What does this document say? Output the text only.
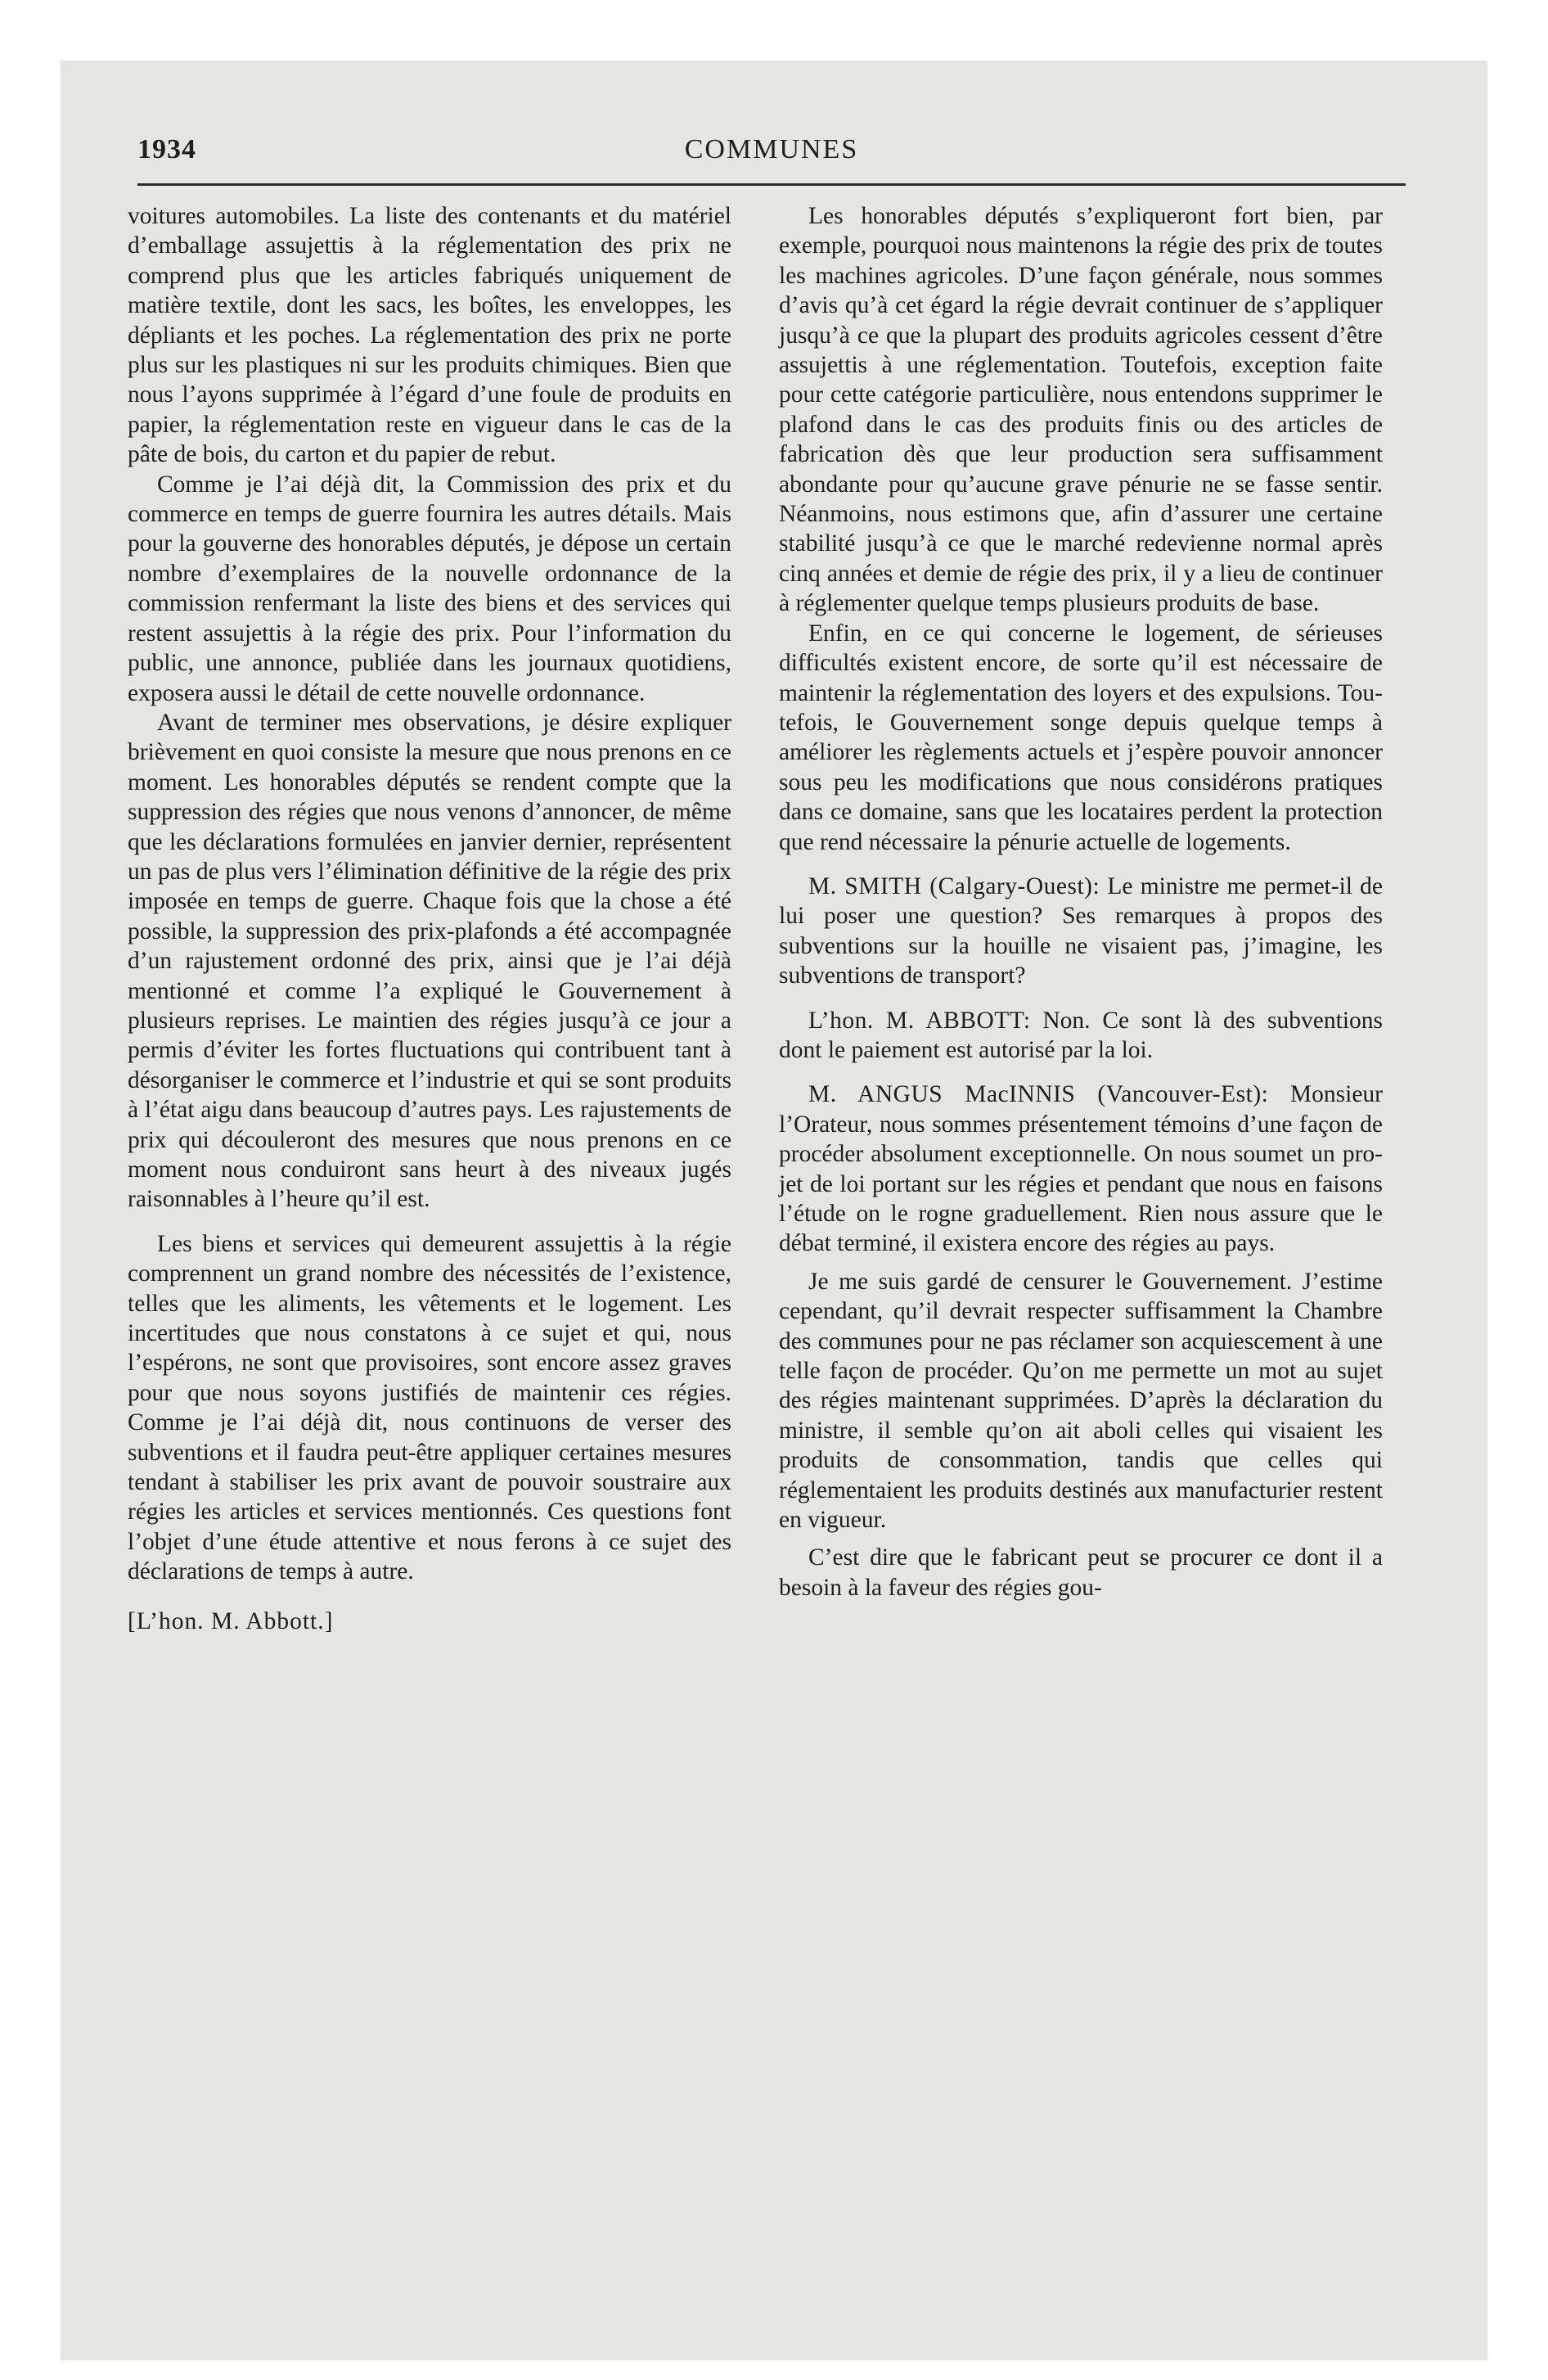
1934	COMMUNES

voitures automobiles. La liste des contenants et du matériel d’emballage assujettis à la réglementation des prix ne comprend plus que les articles fabriqués uniquement de matière textile, dont les sacs, les boîtes, les enveloppes, les dépliants et les poches. La réglementation des prix ne porte plus sur les plastiques ni sur les produits chimiques. Bien que nous l’ayons supprimée à l’égard d’une foule de produits en papier, la réglementation reste en vigueur dans le cas de la pâte de bois, du carton et du papier de rebut.

Comme je l’ai déjà dit, la Commission des prix et du commerce en temps de guerre fournira les autres détails. Mais pour la gouverne des honorables députés, je dépose un certain nombre d’exemplaires de la nouvelle ordonnance de la commission renfermant la liste des biens et des services qui restent assujettis à la régie des prix. Pour l’information du public, une annonce, publiée dans les journaux quotidiens, exposera aussi le détail de cette nouvelle ordonnance.

Avant de terminer mes observations, je désire expliquer brièvement en quoi consiste la mesure que nous prenons en ce moment. Les honorables députés se rendent compte que la suppression des régies que nous venons d’annoncer, de même que les déclarations formulées en janvier dernier, représentent un pas de plus vers l’élimination définitive de la régie des prix imposée en temps de guerre. Chaque fois que la chose a été possible, la suppression des prix-plafonds a été accompagnée d’un rajustement ordonné des prix, ainsi que je l’ai déjà mentionné et comme l’a expliqué le Gouvernement à plusieurs reprises. Le maintien des régies jusqu’à ce jour a permis d’éviter les fortes fluctuations qui contribuent tant à désorganiser le commerce et l’industrie et qui se sont produits à l’état aigu dans beaucoup d’autres pays. Les rajustements de prix qui découleront des mesures que nous prenons en ce moment nous conduiront sans heurt à des niveaux jugés raisonnables à l’heure qu’il est.

Les biens et services qui demeurent assujettis à la régie comprennent un grand nombre des nécessités de l’existence, telles que les aliments, les vêtements et le logement. Les incertitudes que nous constatons à ce sujet et qui, nous l’espérons, ne sont que provisoires, sont encore assez graves pour que nous soyons justifiés de maintenir ces régies. Comme je l’ai déjà dit, nous continuons de verser des subventions et il faudra peut-être appliquer certaines mesures tendant à stabiliser les prix avant de pouvoir soustraire aux régies les articles et services mentionnés. Ces questions font l’objet d’une étude attentive et nous ferons à ce sujet des déclarations de temps à autre.

[L’hon. M. Abbott.]

Les honorables députés s’expliqueront fort bien, par exemple, pourquoi nous maintenons la régie des prix de toutes les machines agricoles. D’une façon générale, nous sommes d’avis qu’à cet égard la régie devrait continuer de s’appliquer jusqu’à ce que la plupart des produits agricoles cessent d’être assujettis à une réglementation. Toutefois, exception faite pour cette catégorie particulière, nous entendons supprimer le plafond dans le cas des produits finis ou des articles de fabrication dès que leur production sera suffisamment abondante pour qu’aucune grave pénurie ne se fasse sentir. Néanmoins, nous estimons que, afin d’assurer une certaine stabilité jusqu’à ce que le marché redevienne normal après cinq années et demie de régie des prix, il y a lieu de continuer à réglementer quelque temps plusieurs produits de base.

Enfin, en ce qui concerne le logement, de sérieuses difficultés existent encore, de sorte qu’il est nécessaire de maintenir la réglementation des loyers et des expulsions. Toutefois, le Gouvernement songe depuis quelque temps à améliorer les règlements actuels et j’espère pouvoir annoncer sous peu les modifications que nous considérons pratiques dans ce domaine, sans que les locataires perdent la protection que rend nécessaire la pénurie actuelle de logements.

M. SMITH (Calgary-Ouest): Le ministre me permet-il de lui poser une question? Ses remarques à propos des subventions sur la houille ne visaient pas, j’imagine, les subventions de transport?

L’hon. M. ABBOTT: Non. Ce sont là des subventions dont le paiement est autorisé par la loi.

M. ANGUS MacINNIS (Vancouver-Est): Monsieur l’Orateur, nous sommes présentement témoins d’une façon de procéder absolument exceptionnelle. On nous soumet un projet de loi portant sur les régies et pendant que nous en faisons l’étude on le rogne graduellement. Rien nous assure que le débat terminé, il existera encore des régies au pays.

Je me suis gardé de censurer le Gouvernement. J’estime cependant, qu’il devrait respecter suffisamment la Chambre des communes pour ne pas réclamer son acquiescement à une telle façon de procéder. Qu’on me permette un mot au sujet des régies maintenant supprimées. D’après la déclaration du ministre, il semble qu’on ait aboli celles qui visaient les produits de consommation, tandis que celles qui réglementaient les produits destinés aux manufacturier restent en vigueur.

C’est dire que le fabricant peut se procurer ce dont il a besoin à la faveur des régies gou-
